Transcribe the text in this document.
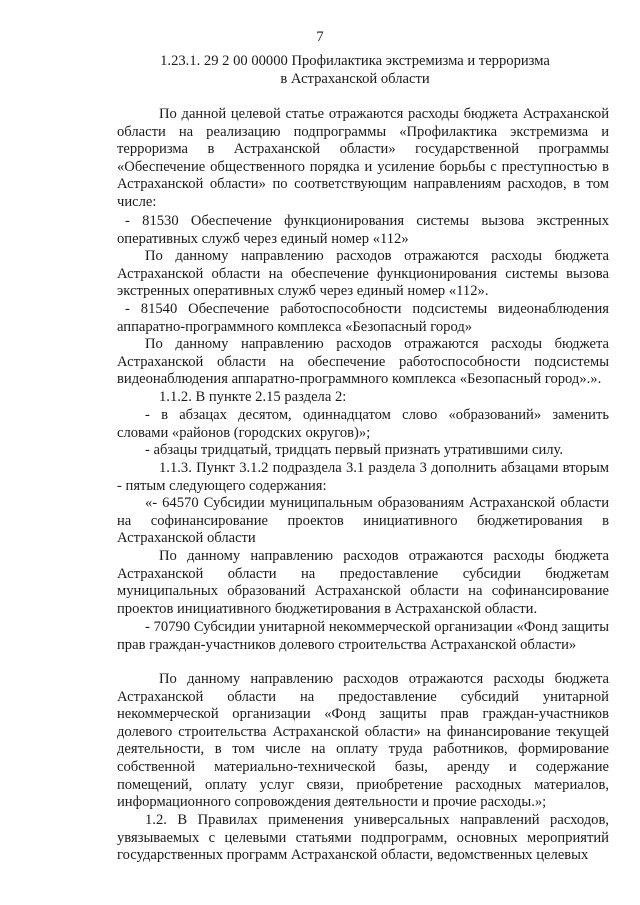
7
1.23.1. 29 2 00 00000 Профилактика экстремизма и терроризма
в Астраханской области
По данной целевой статье отражаются расходы бюджета Астраханской области на реализацию подпрограммы «Профилактика экстремизма и терроризма в Астраханской области» государственной программы «Обеспечение общественного порядка и усиление борьбы с преступностью в Астраханской области» по соответствующим направлениям расходов, в том числе:
- 81530 Обеспечение функционирования системы вызова экстренных оперативных служб через единый номер «112»
По данному направлению расходов отражаются расходы бюджета Астраханской области на обеспечение функционирования системы вызова экстренных оперативных служб через единый номер «112».
- 81540 Обеспечение работоспособности подсистемы видеонаблюдения аппаратно-программного комплекса «Безопасный город»
По данному направлению расходов отражаются расходы бюджета Астраханской области на обеспечение работоспособности подсистемы видеонаблюдения аппаратно-программного комплекса «Безопасный город».».
1.1.2. В пункте 2.15 раздела 2:
- в абзацах десятом, одиннадцатом слово «образований» заменить словами «районов (городских округов)»;
- абзацы тридцатый, тридцать первый признать утратившими силу.
1.1.3. Пункт 3.1.2 подраздела 3.1 раздела 3 дополнить абзацами вторым - пятым следующего содержания:
«- 64570 Субсидии муниципальным образованиям Астраханской области на софинансирование проектов инициативного бюджетирования в Астраханской области
По данному направлению расходов отражаются расходы бюджета Астраханской области на предоставление субсидии бюджетам муниципальных образований Астраханской области на софинансирование проектов инициативного бюджетирования в Астраханской области.
- 70790 Субсидии унитарной некоммерческой организации «Фонд защиты прав граждан-участников долевого строительства Астраханской области»
По данному направлению расходов отражаются расходы бюджета Астраханской области на предоставление субсидий унитарной некоммерческой организации «Фонд защиты прав граждан-участников долевого строительства Астраханской области» на финансирование текущей деятельности, в том числе на оплату труда работников, формирование собственной материально-технической базы, аренду и содержание помещений, оплату услуг связи, приобретение расходных материалов, информационного сопровождения деятельности и прочие расходы.»;
1.2. В Правилах применения универсальных направлений расходов, увязываемых с целевыми статьями подпрограмм, основных мероприятий государственных программ Астраханской области, ведомственных целевых
